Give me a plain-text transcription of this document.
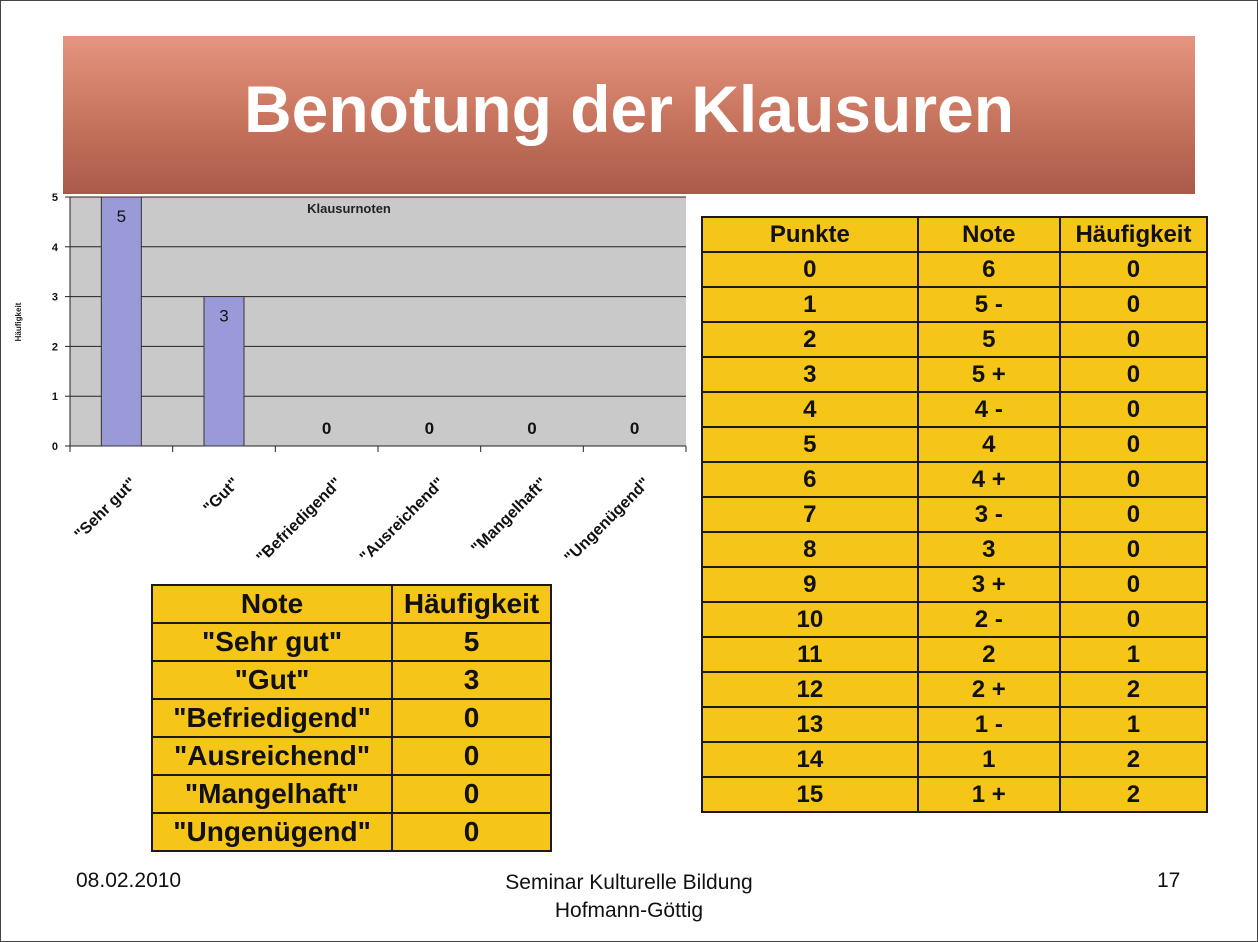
Benotung der Klausuren
0
1
2
3
4
5
5
"Sehr gut"
3
"Gut"
0
"Befriedigend"
0
"Ausreichend"
0
"Mangelhaft"
0
"Ungenügend"
Klausurnoten
Häufigkeit
Punkte	Note	Häufigkeit
0	6	0
1	5 -	0
2	5	0
3	5 +	0
4	4 -	0
5	4	0
6	4 +	0
7	3 -	0
8	3	0
9	3 +	0
10	2 -	0
11	2	1
12	2 +	2
13	1 -	1
14	1	2
15	1 +	2
Note	Häufigkeit
"Sehr gut"	5
"Gut"	3
"Befriedigend"	0
"Ausreichend"	0
"Mangelhaft"	0
"Ungenügend"	0
08.02.2010	Seminar Kulturelle Bildung
Hofmann-Göttig
17
